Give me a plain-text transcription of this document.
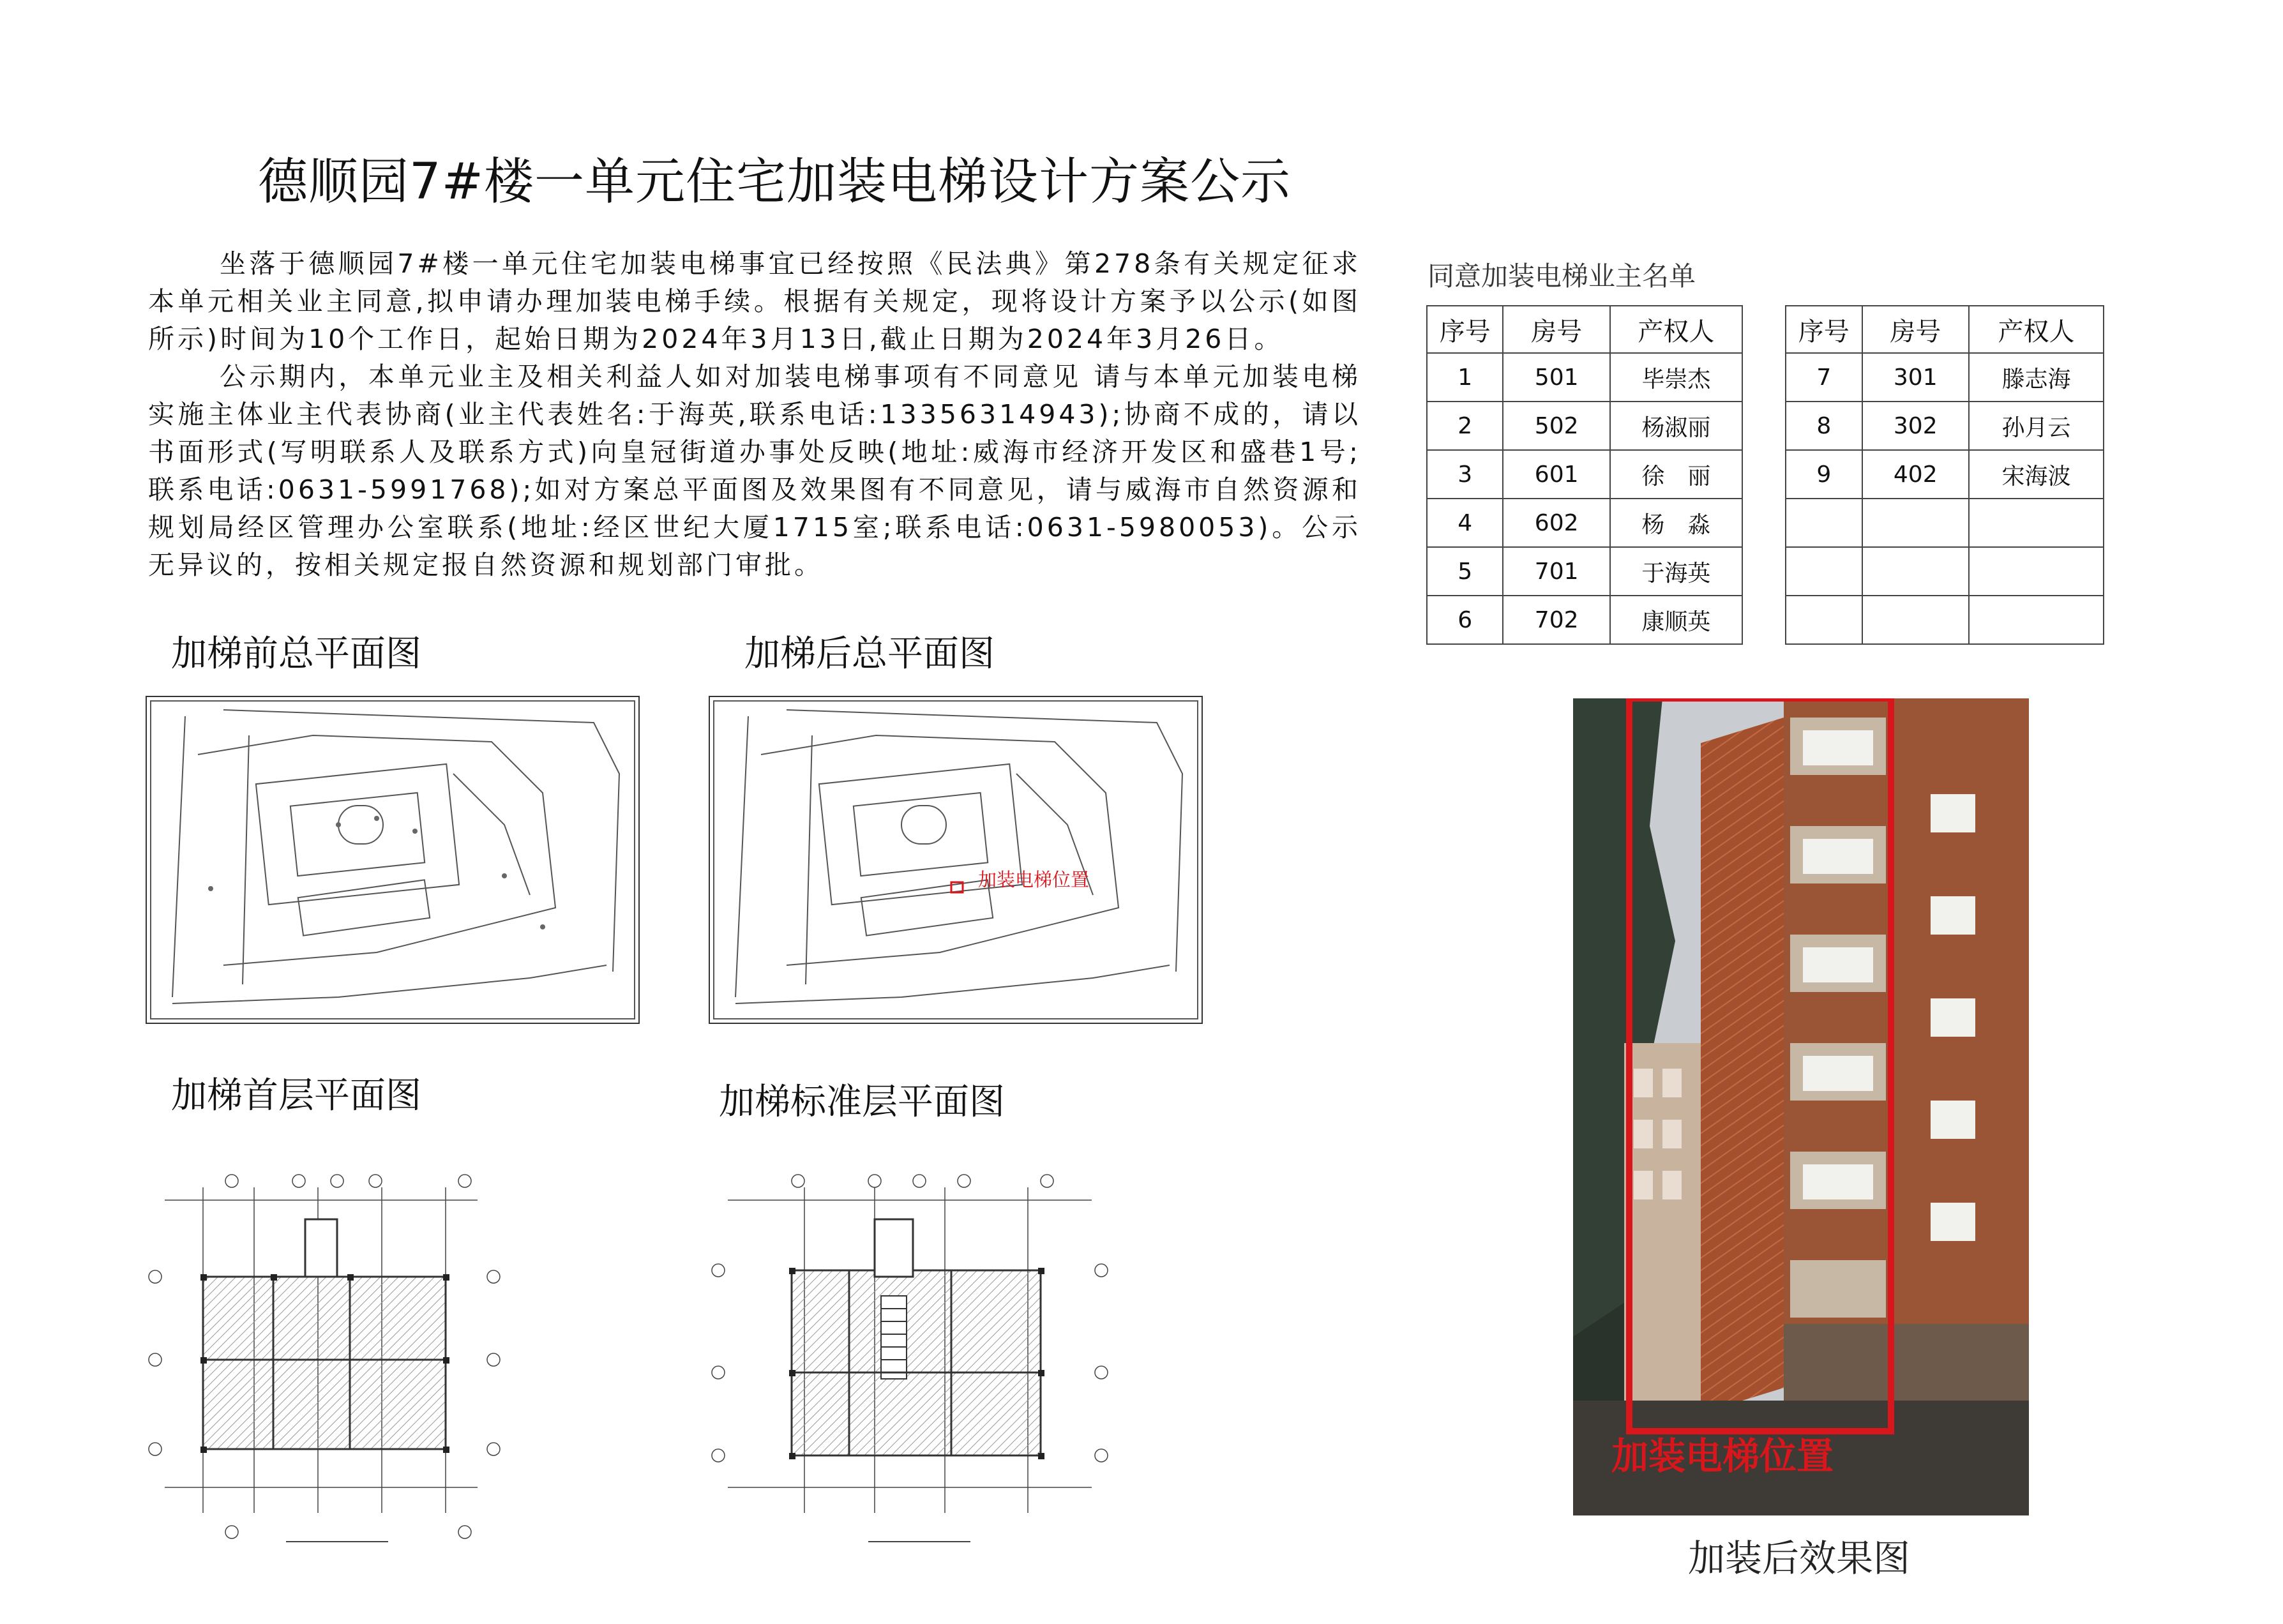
德顺园7#楼一单元住宅加装电梯设计方案公示

坐落于德顺园7#楼一单元住宅加装电梯事宜已经按照《民法典》第278条有关规定征求本单元相关业主同意,拟申请办理加装电梯手续。根据有关规定，现将设计方案予以公示(如图所示)时间为10个工作日，起始日期为2024年3月13日,截止日期为2024年3月26日。

公示期内，本单元业主及相关利益人如对加装电梯事项有不同意见 请与本单元加装电梯实施主体业主代表协商(业主代表姓名:于海英,联系电话:13356314943);协商不成的，请以书面形式(写明联系人及联系方式)向皇冠街道办事处反映(地址:威海市经济开发区和盛巷1号;联系电话:0631-5991768);如对方案总平面图及效果图有不同意见，请与威海市自然资源和规划局经区管理办公室联系(地址:经区世纪大厦1715室;联系电话:0631-5980053)。公示无异议的，按相关规定报自然资源和规划部门审批。

加梯前总平面图	加梯后总平面图
加梯首层平面图	加梯标准层平面图
加装电梯位置
同意加装电梯业主名单
序号	房号	产权人
1	501	毕崇杰
2	502	杨淑丽
3	601	徐　丽
4	602	杨　淼
5	701	于海英
6	702	康顺英
序号	房号	产权人
7	301	滕志海
8	302	孙月云
9	402	宋海波

加装电梯位置
加装后效果图
